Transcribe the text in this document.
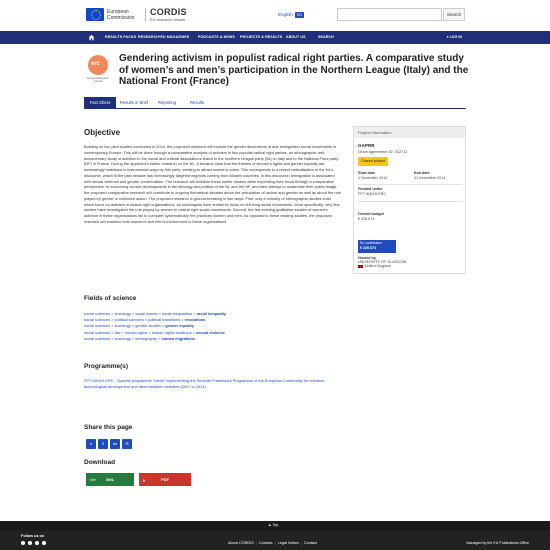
European
Commission
CORDIS
EU research results
English EN	Search
RESULTS PACKS RESEARCH*EU MAGAZINES PODCASTS & NEWS PROJECTS & RESULTS ABOUT US	SEARCH	● LOG IN
erc
European Research Council
Gendering activism in populist radical right parties. A comparative study of women’s and men’s participation in the Northern League (Italy) and the National Front (France)
Fact Sheet	Results in Brief	Reporting	Results
Objective
Building on two pilot studies conducted in 2010, the proposed research will explore the gender dimensions of anti-immigration social movements in contemporary Europe. This will be done through a comparative analysis of activism in two populist radical right parties, an ethnographic and documentary study of activism in the social and cultural associations linked to the Northern League party (NL) in Italy and to the National Front party (NF) in France. During the applicant’s earlier research on the NL, it became clear that the themes of women’s rights and gender equality are increasingly mobilised in instrumental ways by this party, seeking to attract women’s votes. This corresponds to a recent radicalisation of the NL’s discourse, which in the past decade has increasingly targeted migrants coming from Muslim countries; in this discourse, immigration is associated with sexual violence and gender conservatism. The research will mobilise these earlier studies while expanding their focus through a comparative perspective. In examining current developments in the ideology and politics of the NL and the NF, and their attempt to modernise their public image, the proposed comparative research will contribute to ongoing theoretical debates about the articulation of racism and gender as well as about the role played by gender in collective action. The proposed research is ground-breaking in two ways. First, only a minority of ethnographic studies exist which focus on activism in radical right organisations, as sociologists have tended to focus on left-wing social movements. More specifically, very few studies have investigated the role played by women in radical right social movements. Second, the few existing qualitative studies of women’s activism in these organisations fail to compare systematically the practices women and men. As opposed to these existing studies, the proposed research will examine both women’s and men’s involvement in these organisations.
Fields of science
social sciences > sociology > social issues > social inequalities > racial inequality
social sciences > political sciences > political transitions > revolutions
social sciences > sociology > gender studies > gender equality
social sciences > law > human rights > human rights violations > sexual violence
social sciences > sociology > demography > human migrations
Programme(s)
FP7-IDEAS-ERC - Specific programme "Ideas" implementing the Seventh Framework Programme of the European Community for research, technological development and demonstration activities (2007 to 2013)
Share this page
t	f	in	✉
Download
</>	XML	⤓	PDF
Project Information
GAPRR
Grant agreement ID: 312711
Closed project
Start date
1 November 2012
End date
31 December 2014
Funded under
FP7-IDEAS-ERC
Overall budget
€ 228 674
EU contribution
€ 228 674
Hosted by
UNIVERSITY OF GLASGOW
United Kingdom
▲ Top
Follow us on
About CORDIS | Cookies | Legal Notice | Contact	Managed by the EU Publications Office
